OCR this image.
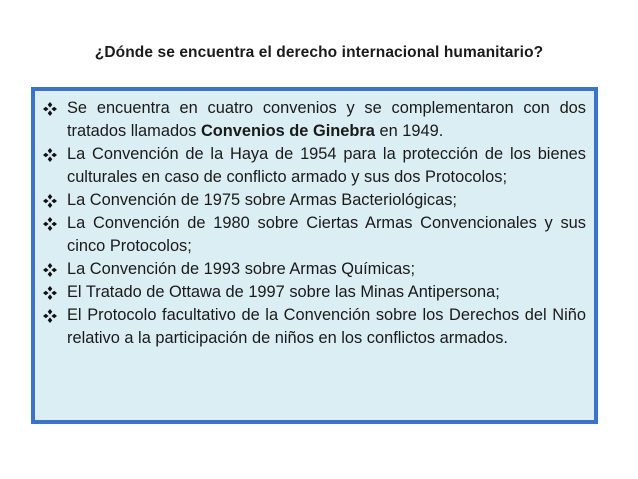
¿Dónde se encuentra el derecho internacional humanitario?
Se encuentra en cuatro convenios y se complementaron con dos tratados llamados Convenios de Ginebra en 1949.
La Convención de la Haya de 1954 para la protección de los bienes culturales en caso de conflicto armado y sus dos Protocolos;
La Convención de 1975 sobre Armas Bacteriológicas;
La Convención de 1980 sobre Ciertas Armas Convencionales y sus cinco Protocolos;
La Convención de 1993 sobre Armas Químicas;
El Tratado de Ottawa de 1997 sobre las Minas Antipersona;
El Protocolo facultativo de la Convención sobre los Derechos del Niño relativo a la participación de niños en los conflictos armados.
